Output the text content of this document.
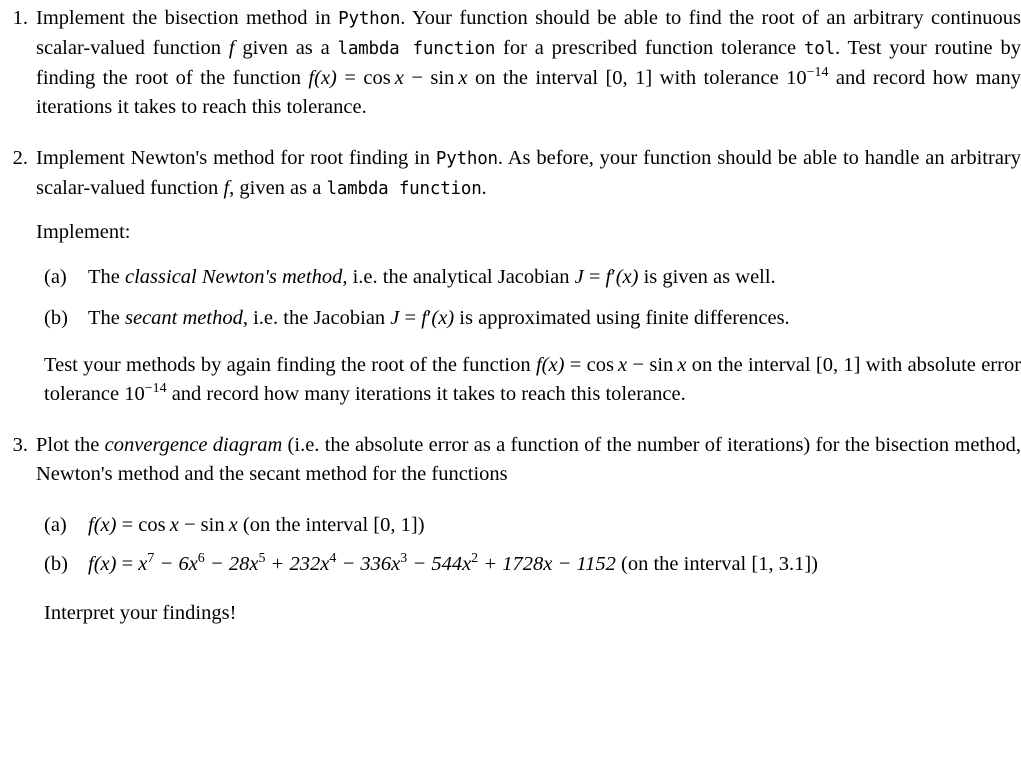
1. Implement the bisection method in Python. Your function should be able to find the root of an arbitrary continuous scalar-valued function f given as a lambda function for a prescribed function tolerance tol. Test your routine by finding the root of the function f(x) = cos  x − sin  x on the interval [0, 1] with tolerance $10^{-14}$ and record how many iterations it takes to reach this tolerance.

2. Implement Newton's method for root finding in Python. As before, your function should be able to handle an arbitrary scalar-valued function f, given as a lambda function.

Implement:

(a)	The classical Newton's method, i.e. the analytical Jacobian J = f′(x) is given as well.
(b) The secant method, i.e. the Jacobian J = f′(x) is approximated using finite differences.

Test your methods by again finding the root of the function f(x) = cos  x − sin  x on the interval [0, 1] with absolute error tolerance $10^{-14}$ and record how many iterations it takes to reach this tolerance.

3. Plot the convergence diagram (i.e. the absolute error as a function of the number of iterations) for the bisection method, Newton's method and the secant method for the functions

(a)	f(x) = cos  x − sin  x (on the interval [0, 1])
(b) $f(x) = x^7 - 6x^6 - 28x^5 + 232x^4 - 336x^3 - 544x^2 + 1728x - 1152$ (on the interval [1, 3.1])

Interpret your findings!
